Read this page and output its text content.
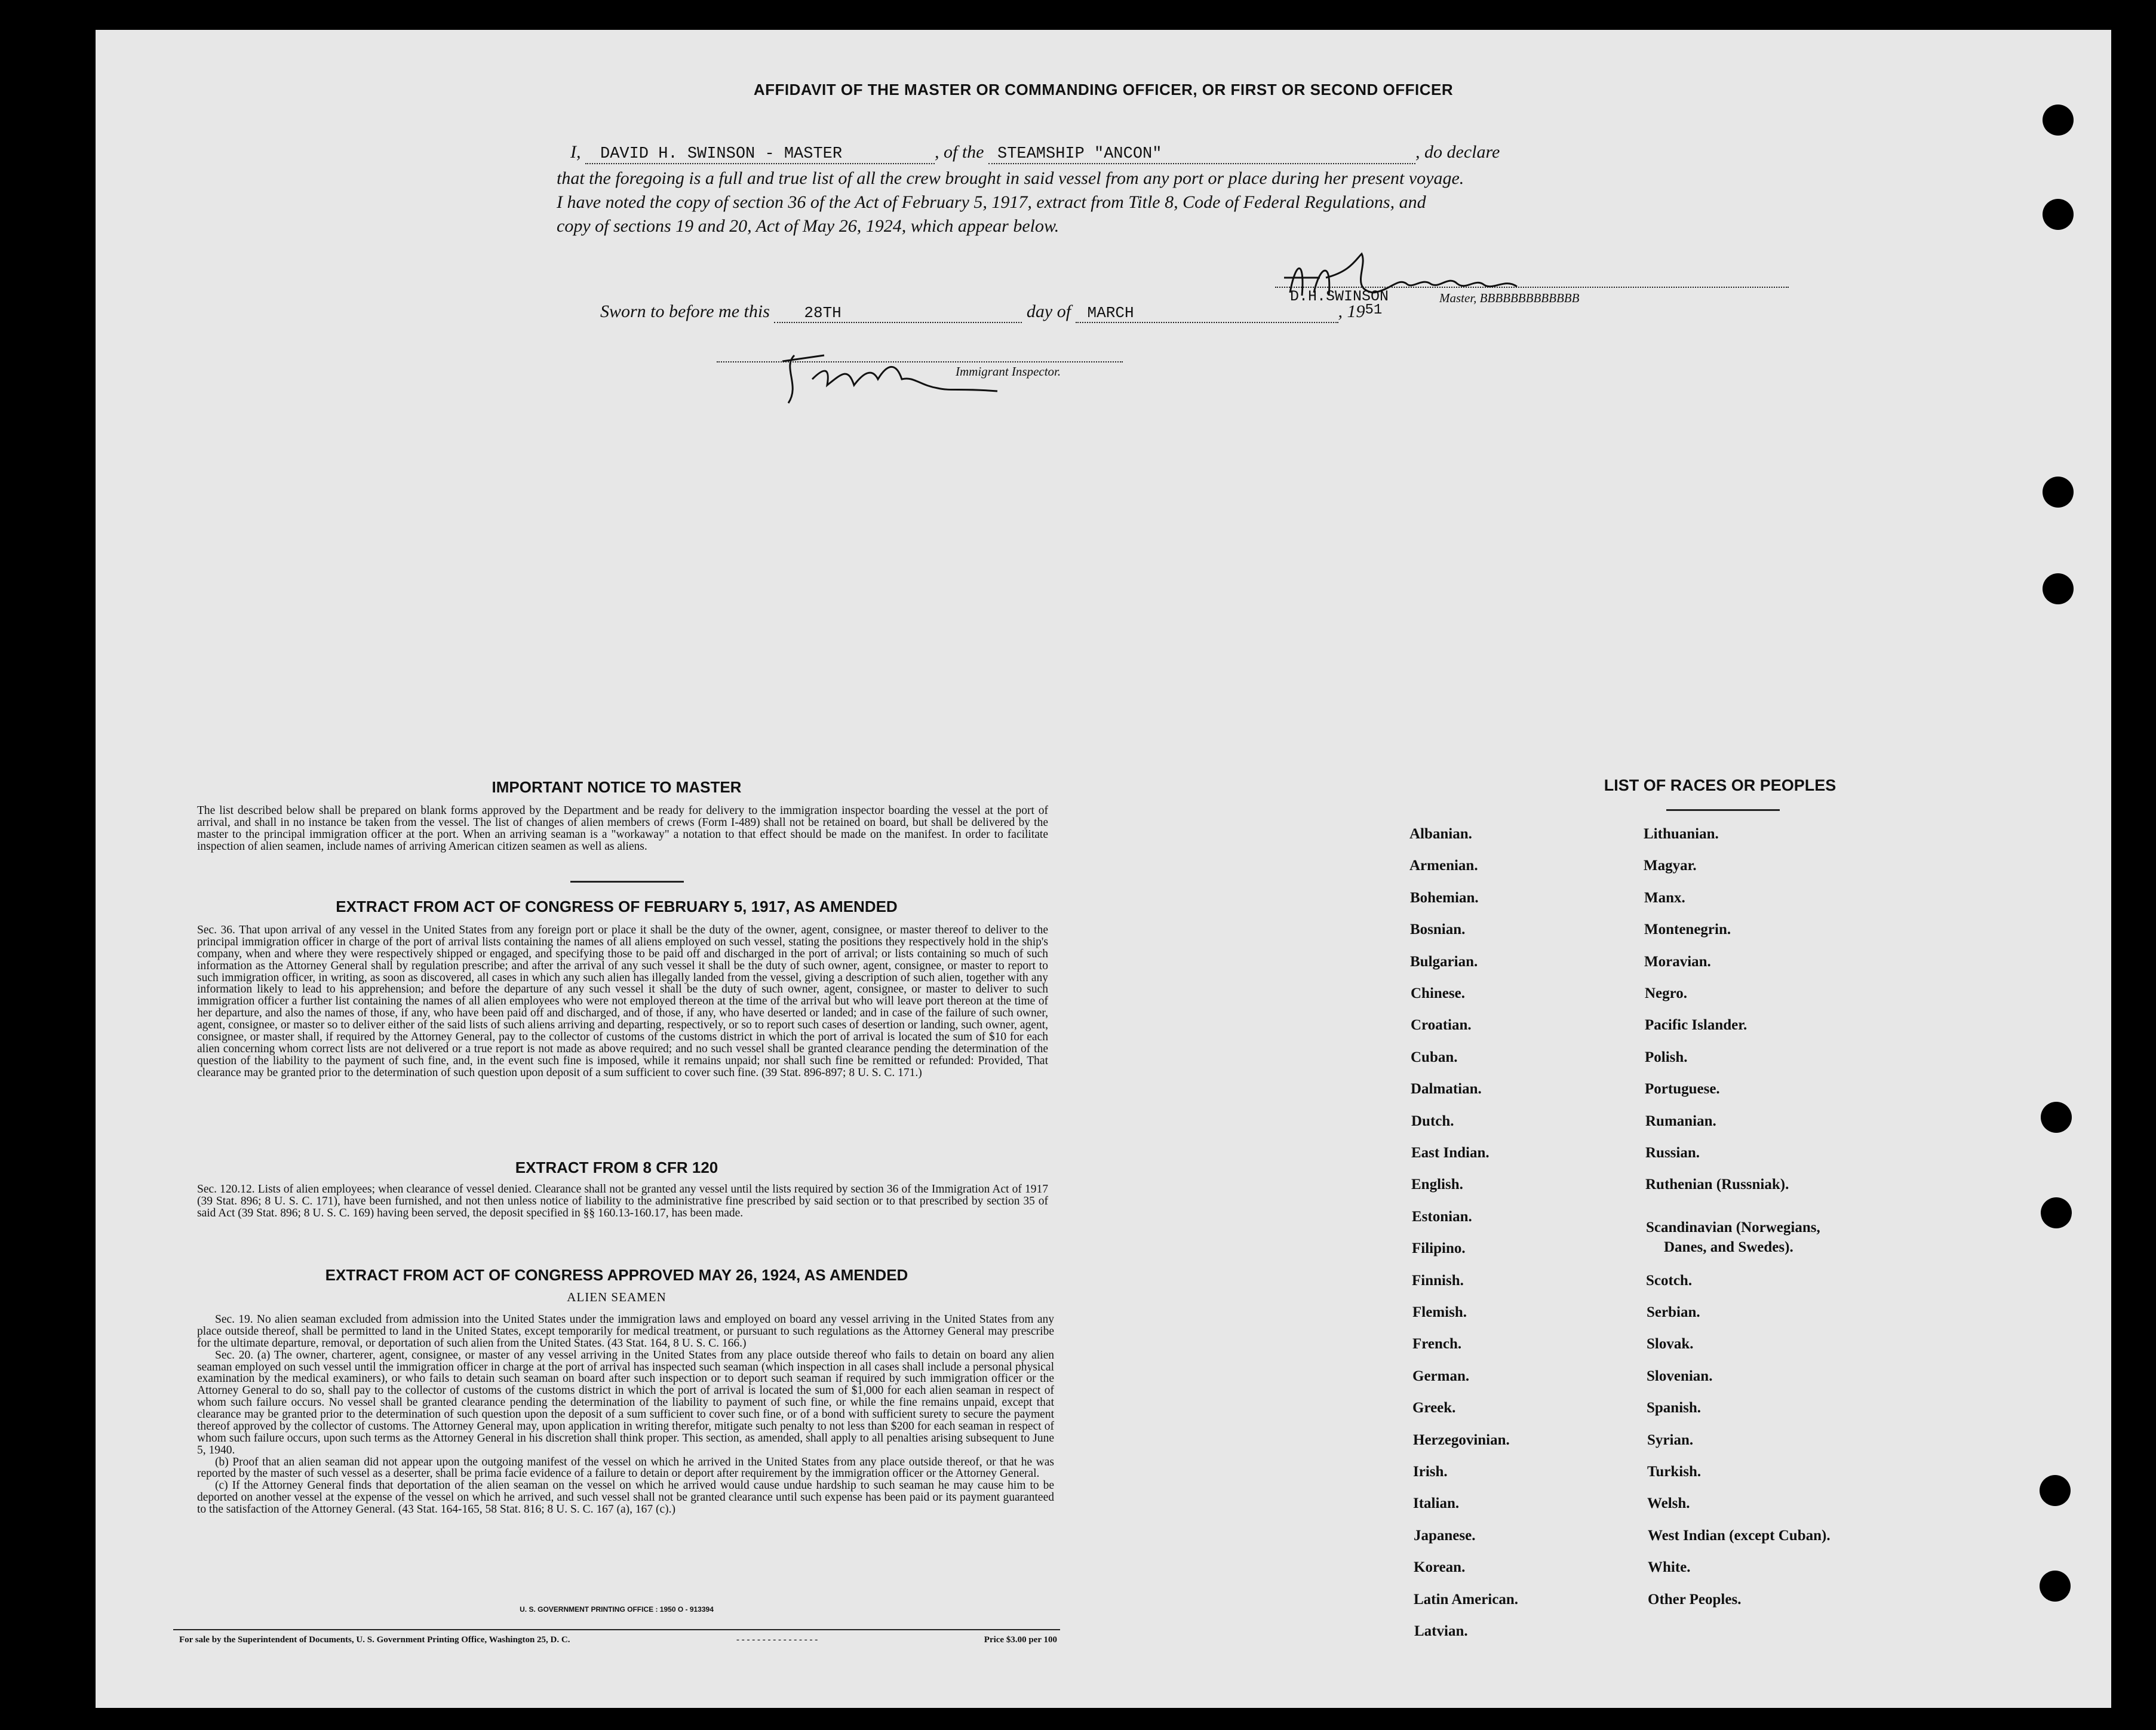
AFFIDAVIT OF THE MASTER OR COMMANDING OFFICER, OR FIRST OR SECOND OFFICER
I, DAVID H. SWINSON - MASTER	, of the STEAMSHIP "ANCON"	, do declare
that the foregoing is a full and true list of all the crew brought in said vessel from any port or place during her present voyage.
I have noted the copy of section 36 of the Act of February 5, 1917, extract from Title 8, Code of Federal Regulations, and
copy of sections 19 and 20, Act of May 26, 1924, which appear below.
D.H.SWINSON	Master, BBBBBBBBBBBBB
Sworn to before me this 28TH	day of MARCH	, $19^{51}$
Immigrant Inspector.
IMPORTANT NOTICE TO MASTER
The list described below shall be prepared on blank forms approved by the Department and be ready for delivery to the immigration inspector boarding the vessel at the port of arrival, and shall in no instance be taken from the vessel. The list of changes of alien members of crews (Form I-489) shall not be retained on board, but shall be delivered by the master to the principal immigration officer at the port. When an arriving seaman is a "workaway" a notation to that effect should be made on the manifest. In order to facilitate inspection of alien seamen, include names of arriving American citizen seamen as well as aliens.
EXTRACT FROM ACT OF CONGRESS OF FEBRUARY 5, 1917, AS AMENDED
Sec. 36. That upon arrival of any vessel in the United States from any foreign port or place it shall be the duty of the owner, agent, consignee, or master thereof to deliver to the principal immigration officer in charge of the port of arrival lists containing the names of all aliens employed on such vessel, stating the positions they respectively hold in the ship's company, when and where they were respectively shipped or engaged, and specifying those to be paid off and discharged in the port of arrival; or lists containing so much of such information as the Attorney General shall by regulation prescribe; and after the arrival of any such vessel it shall be the duty of such owner, agent, consignee, or master to report to such immigration officer, in writing, as soon as discovered, all cases in which any such alien has illegally landed from the vessel, giving a description of such alien, together with any information likely to lead to his apprehension; and before the departure of any such vessel it shall be the duty of such owner, agent, consignee, or master to deliver to such immigration officer a further list containing the names of all alien employees who were not employed thereon at the time of the arrival but who will leave port thereon at the time of her departure, and also the names of those, if any, who have been paid off and discharged, and of those, if any, who have deserted or landed; and in case of the failure of such owner, agent, consignee, or master so to deliver either of the said lists of such aliens arriving and departing, respectively, or so to report such cases of desertion or landing, such owner, agent, consignee, or master shall, if required by the Attorney General, pay to the collector of customs of the customs district in which the port of arrival is located the sum of $10 for each alien concerning whom correct lists are not delivered or a true report is not made as above required; and no such vessel shall be granted clearance pending the determination of the question of the liability to the payment of such fine, and, in the event such fine is imposed, while it remains unpaid; nor shall such fine be remitted or refunded: Provided, That clearance may be granted prior to the determination of such question upon deposit of a sum sufficient to cover such fine. (39 Stat. 896-897; 8 U. S. C. 171.)
EXTRACT FROM 8 CFR 120
Sec. 120.12. Lists of alien employees; when clearance of vessel denied. Clearance shall not be granted any vessel until the lists required by section 36 of the Immigration Act of 1917 (39 Stat. 896; 8 U. S. C. 171), have been furnished, and not then unless notice of liability to the administrative fine prescribed by said section or to that prescribed by section 35 of said Act (39 Stat. 896; 8 U. S. C. 169) having been served, the deposit specified in §§ 160.13-160.17, has been made.
EXTRACT FROM ACT OF CONGRESS APPROVED MAY 26, 1924, AS AMENDED
ALIEN SEAMEN
Sec. 19. No alien seaman excluded from admission into the United States under the immigration laws and employed on board any vessel arriving in the United States from any place outside thereof, shall be permitted to land in the United States, except temporarily for medical treatment, or pursuant to such regulations as the Attorney General may prescribe for the ultimate departure, removal, or deportation of such alien from the United States. (43 Stat. 164, 8 U. S. C. 166.)
Sec. 20. (a) The owner, charterer, agent, consignee, or master of any vessel arriving in the United States from any place outside thereof who fails to detain on board any alien seaman employed on such vessel until the immigration officer in charge at the port of arrival has inspected such seaman (which inspection in all cases shall include a personal physical examination by the medical examiners), or who fails to detain such seaman on board after such inspection or to deport such seaman if required by such immigration officer or the Attorney General to do so, shall pay to the collector of customs of the customs district in which the port of arrival is located the sum of $1,000 for each alien seaman in respect of whom such failure occurs. No vessel shall be granted clearance pending the determination of the liability to payment of such fine, or while the fine remains unpaid, except that clearance may be granted prior to the determination of such question upon the deposit of a sum sufficient to cover such fine, or of a bond with sufficient surety to secure the payment thereof approved by the collector of customs. The Attorney General may, upon application in writing therefor, mitigate such penalty to not less than $200 for each seaman in respect of whom such failure occurs, upon such terms as the Attorney General in his discretion shall think proper. This section, as amended, shall apply to all penalties arising subsequent to June 5, 1940.
(b) Proof that an alien seaman did not appear upon the outgoing manifest of the vessel on which he arrived in the United States from any place outside thereof, or that he was reported by the master of such vessel as a deserter, shall be prima facie evidence of a failure to detain or deport after requirement by the immigration officer or the Attorney General.
(c) If the Attorney General finds that deportation of the alien seaman on the vessel on which he arrived would cause undue hardship to such seaman he may cause him to be deported on another vessel at the expense of the vessel on which he arrived, and such vessel shall not be granted clearance until such expense has been paid or its payment guaranteed to the satisfaction of the Attorney General. (43 Stat. 164-165, 58 Stat. 816; 8 U. S. C. 167 (a), 167 (c).)
U. S. GOVERNMENT PRINTING OFFICE : 1950 O - 913394
For sale by the Superintendent of Documents, U. S. Government Printing Office, Washington 25, D. C.	- - - - - - - - - - - - - - - -	Price $3.00 per 100
LIST OF RACES OR PEOPLES
Albanian.
Armenian.
Bohemian.
Bosnian.
Bulgarian.
Chinese.
Croatian.
Cuban.
Dalmatian.
Dutch.
East Indian.
English.
Estonian.
Filipino.
Finnish.
Flemish.
French.
German.
Greek.
Herzegovinian.
Irish.
Italian.
Japanese.
Korean.
Latin American.
Latvian.
Lithuanian.
Magyar.
Manx.
Montenegrin.
Moravian.
Negro.
Pacific Islander.
Polish.
Portuguese.
Rumanian.
Russian.
Ruthenian (Russniak).
Scandinavian (Norwegians,
Danes, and Swedes).
Scotch.
Serbian.
Slovak.
Slovenian.
Spanish.
Syrian.
Turkish.
Welsh.
West Indian (except Cuban).
White.
Other Peoples.
